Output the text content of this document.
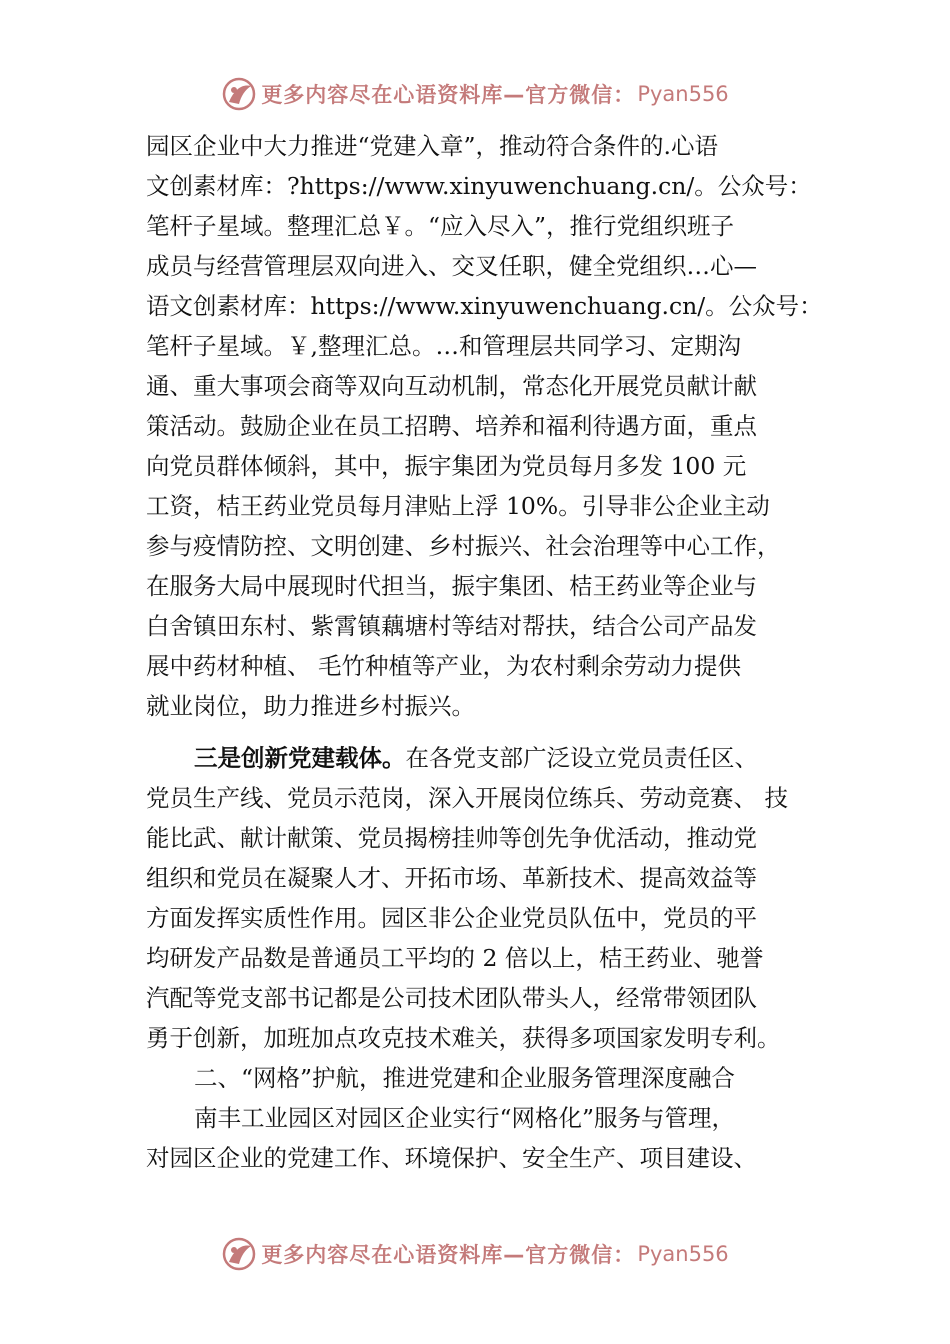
更多内容尽在心语资料库—官方微信： Pyan556
园区企业中大力推进“党建入章”，推动符合条件的.心语
文创素材库：?https://www.xinyuwenchuang.cn/。公众号：
笔杆子星域。整理汇总￥。“应入尽入”，推行党组织班子
成员与经营管理层双向进入、交叉任职，健全党组织…心—
语文创素材库：https://www.xinyuwenchuang.cn/。公众号：
笔杆子星域。￥,整理汇总。…和管理层共同学习、定期沟
通、重大事项会商等双向互动机制，常态化开展党员献计献
策活动。鼓励企业在员工招聘、培养和福利待遇方面，重点
向党员群体倾斜，其中，振宇集团为党员每月多发 100 元
工资，桔王药业党员每月津贴上浮 10%。引导非公企业主动
参与疫情防控、文明创建、乡村振兴、社会治理等中心工作，
在服务大局中展现时代担当，振宇集团、桔王药业等企业与
白舍镇田东村、紫霄镇藕塘村等结对帮扶，结合公司产品发
展中药材种植、 毛竹种植等产业，为农村剩余劳动力提供
就业岗位，助力推进乡村振兴。
三是创新党建载体。在各党支部广泛设立党员责任区、
党员生产线、党员示范岗，深入开展岗位练兵、劳动竞赛、 技
能比武、献计献策、党员揭榜挂帅等创先争优活动，推动党
组织和党员在凝聚人才、开拓市场、革新技术、提高效益等
方面发挥实质性作用。园区非公企业党员队伍中，党员的平
均研发产品数是普通员工平均的 2 倍以上，桔王药业、驰誉
汽配等党支部书记都是公司技术团队带头人，经常带领团队
勇于创新，加班加点攻克技术难关，获得多项国家发明专利。
二、“网格”护航，推进党建和企业服务管理深度融合
南丰工业园区对园区企业实行“网格化”服务与管理，
对园区企业的党建工作、环境保护、安全生产、项目建设、
更多内容尽在心语资料库—官方微信： Pyan556
